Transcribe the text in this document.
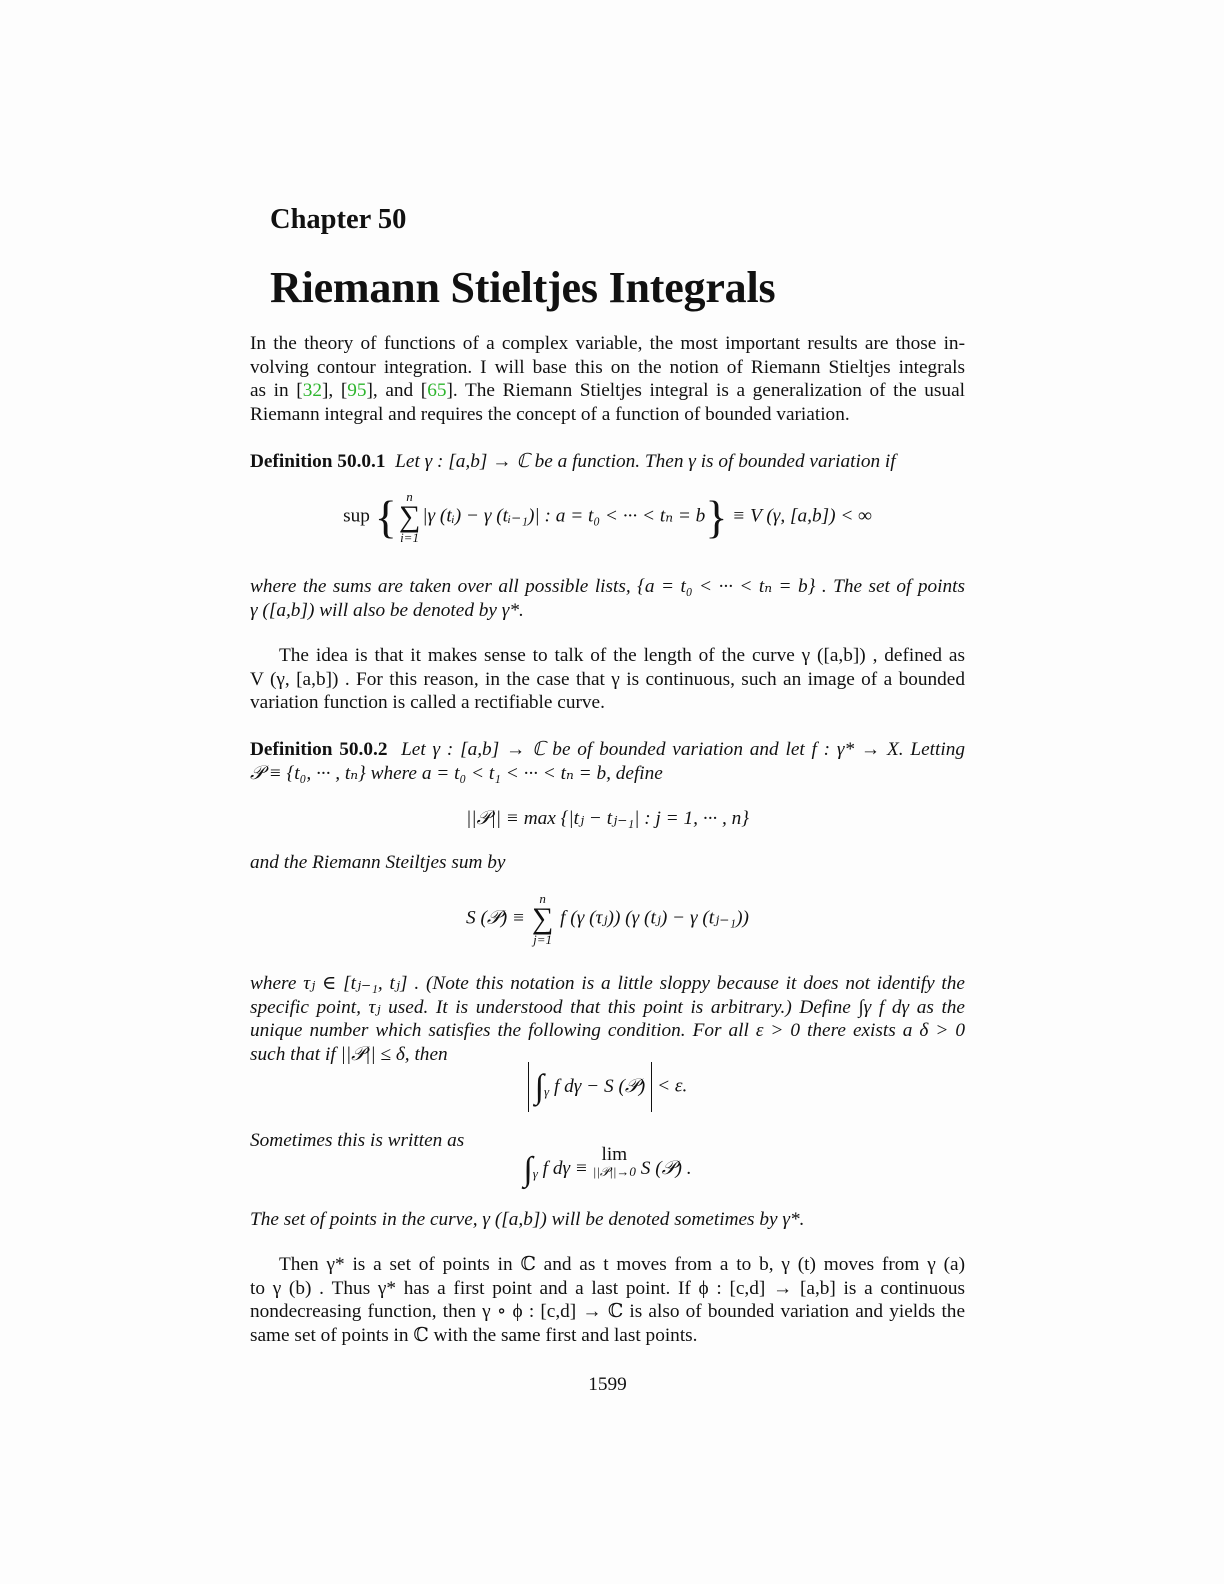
Chapter 50
Riemann Stieltjes Integrals
In the theory of functions of a complex variable, the most important results are those in-
volving contour integration. I will base this on the notion of Riemann Stieltjes integrals
as in [32], [95], and [65]. The Riemann Stieltjes integral is a generalization of the usual
Riemann integral and requires the concept of a function of bounded variation.
Definition 50.0.1 Let γ : [a,b] → ℂ be a function. Then γ is of bounded variation if
sup { n
∑
i=1
|γ (tᵢ) − γ (tᵢ₋₁)| : a = t₀ < ··· < tₙ = b} ≡ V (γ, [a,b]) < ∞
where the sums are taken over all possible lists, {a = t₀ < ··· < tₙ = b} . The set of points
γ ([a,b]) will also be denoted by γ*.
The idea is that it makes sense to talk of the length of the curve γ ([a,b]) , defined as
V (γ, [a,b]) . For this reason, in the case that γ is continuous, such an image of a bounded
variation function is called a rectifiable curve.
Definition 50.0.2 Let γ : [a,b] → ℂ be of bounded variation and let f : γ* → X. Letting
𝒫 ≡ {t₀, ··· , tₙ} where a = t₀ < t₁ < ··· < tₙ = b, define
||𝒫|| ≡ max {|tⱼ − tⱼ₋₁| : j = 1, ··· , n}
and the Riemann Steiltjes sum by
S (𝒫) ≡
n
∑
j=1
f (γ (τⱼ)) (γ (tⱼ) − γ (tⱼ₋₁))
where τⱼ ∈ [tⱼ₋₁, tⱼ] . (Note this notation is a little sloppy because it does not identify the
specific point, τⱼ used. It is understood that this point is arbitrary.) Define ∫γ f dγ as the
unique number which satisfies the following condition. For all ε > 0 there exists a δ > 0
such that if ||𝒫|| ≤ δ, then
$\int_\gamma$ f dγ − S (𝒫) < ε.
Sometimes this is written as
$\int_\gamma$ f dγ ≡
lim
||𝒫||→0 S (𝒫) .
The set of points in the curve, γ ([a,b]) will be denoted sometimes by γ*.
Then γ* is a set of points in ℂ and as t moves from a to b, γ (t) moves from γ (a)
to γ (b) . Thus γ* has a first point and a last point. If ϕ : [c,d] → [a,b] is a continuous
nondecreasing function, then γ ∘ ϕ : [c,d] → ℂ is also of bounded variation and yields the
same set of points in ℂ with the same first and last points.
1599
